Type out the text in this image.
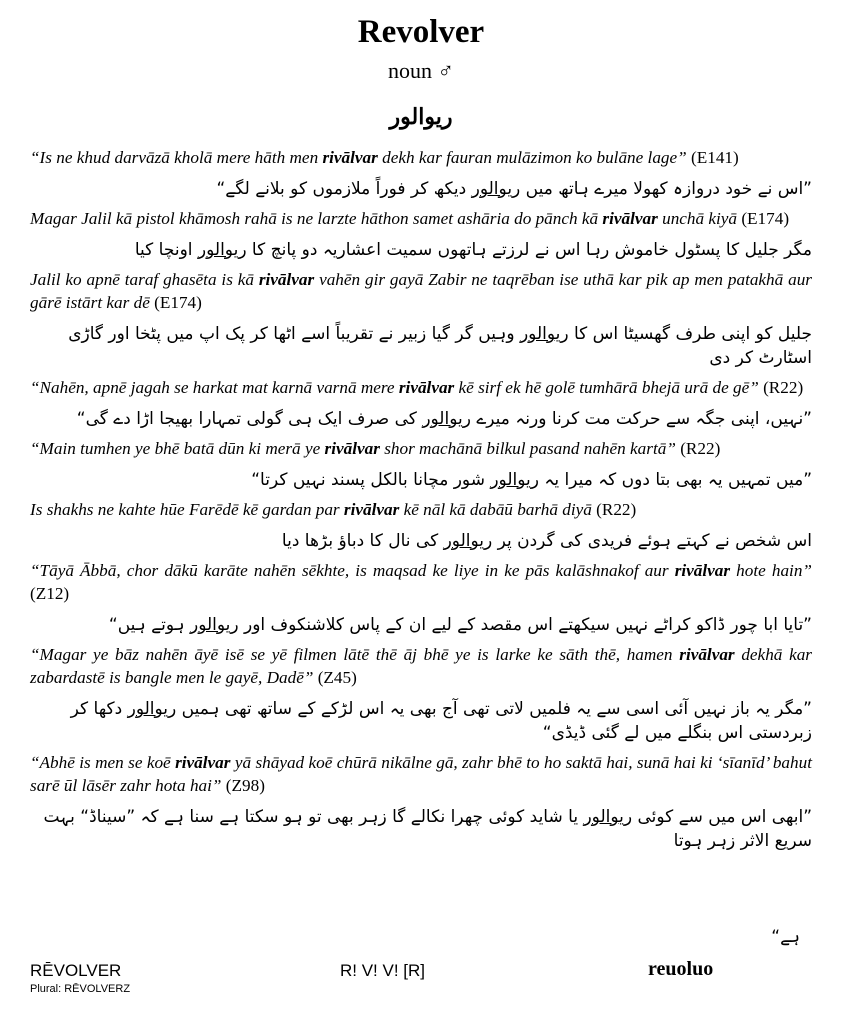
Revolver
noun ♂
ریوالور
“Is ne khud darvāzā kholā mere hāth men rivālvar dekh kar fauran mulāzimon ko bulāne lage” (E141)
”اس نے خود دروازہ کھولا میرے ہاتھ میں ریوالور دیکھ کر فوراً ملازموں کو بلانے لگے“
Magar Jalil kā pistol khāmosh rahā is ne larzte hāthon samet ashāria do pānch kā rivālvar unchā kiyā (E174)
مگر جلیل کا پسٹول خاموش رہا اس نے لرزتے ہاتھوں سمیت اعشاریہ دو پانچ کا ریوالور اونچا کیا
Jalil ko apnē taraf ghasēta is kā rivālvar vahēn gir gayā Zabir ne taqrēban ise uthā kar pik ap men patakhā aur gārē istārt kar dē (E174)
جلیل کو اپنی طرف گھسیٹا اس کا ریوالور وہیں گر گیا زبیر نے تقریباً اسے اٹھا کر پک اپ میں پٹخا اور گاڑی اسٹارٹ کر دی
“Nahēn, apnē jagah se harkat mat karnā varnā mere rivālvar kē sirf ek hē golē tumhārā bhejā urā de gē” (R22)
”نہیں، اپنی جگہ سے حرکت مت کرنا ورنہ میرے ریوالور کی صرف ایک ہی گولی تمہارا بھیجا اڑا دے گی“
“Main tumhen ye bhē batā dūn ki merā ye rivālvar shor machānā bilkul pasand nahēn kartā” (R22)
”میں تمہیں یہ بھی بتا دوں کہ میرا یہ ریوالور شور مچانا بالکل پسند نہیں کرتا“
Is shakhs ne kahte hūe Farēdē kē gardan par rivālvar kē nāl kā dabāū barhā diyā (R22)
اس شخص نے کہتے ہوئے فریدی کی گردن پر ریوالور کی نال کا دباؤ بڑھا دیا
“Tāyā Ābbā, chor dākū karāte nahēn sēkhte, is maqsad ke liye in ke pās kalāshnakof aur rivālvar hote hain” (Z12)
”تایا ابا چور ڈاکو کراٹے نہیں سیکھتے اس مقصد کے لیے ان کے پاس کلاشنکوف اور ریوالور ہوتے ہیں“
“Magar ye bāz nahēn āyē isē se yē filmen lātē thē āj bhē ye is larke ke sāth thē, hamen rivālvar dekhā kar zabardastē is bangle men le gayē, Dadē” (Z45)
”مگر یہ باز نہیں آئی اسی سے یہ فلمیں لاتی تھی آج بھی یہ اس لڑکے کے ساتھ تھی ہمیں ریوالور دکھا کر زبردستی اس بنگلے میں لے گئی ڈیڈی“
“Abhē is men se koē rivālvar yā shāyad koē chūrā nikālne gā, zahr bhē to ho saktā hai, sunā hai ki ‘sīanīd’ bahut sarē ūl lāsēr zahr hota hai” (Z98)
”ابھی اس میں سے کوئی ریوالور یا شاید کوئی چھرا نکالے گا زہر بھی تو ہو سکتا ہے سنا ہے کہ ”سیناڈ“ بہت سریع الاثر زہر ہوتا
ہے“
RĒVOLVER
Plural: RĒVOLVERZ
R! V! V! [R]	reuoluo
